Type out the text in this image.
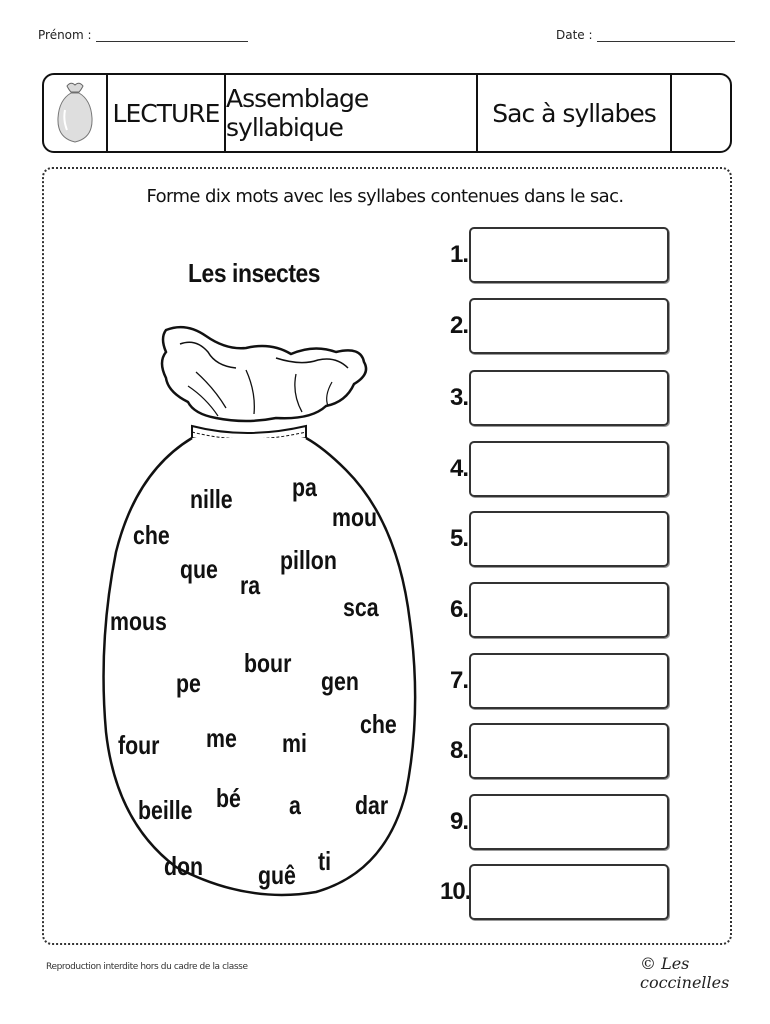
Prénom :	Date :
LECTURE Assemblage syllabique	Sac à syllabes
Forme dix mots avec les syllabes contenues dans le sac.
Les insectes
nille pa
mou
che
que
ra
pillon
mous	sca
pe
bour
gen
four me mi
che
beille bé a dar
don guê ti
1.
2.
3.
4.
5.
6.
7.
8.
9.
10.
Reproduction interdite hors du cadre de la classe	© Les coccinelles
